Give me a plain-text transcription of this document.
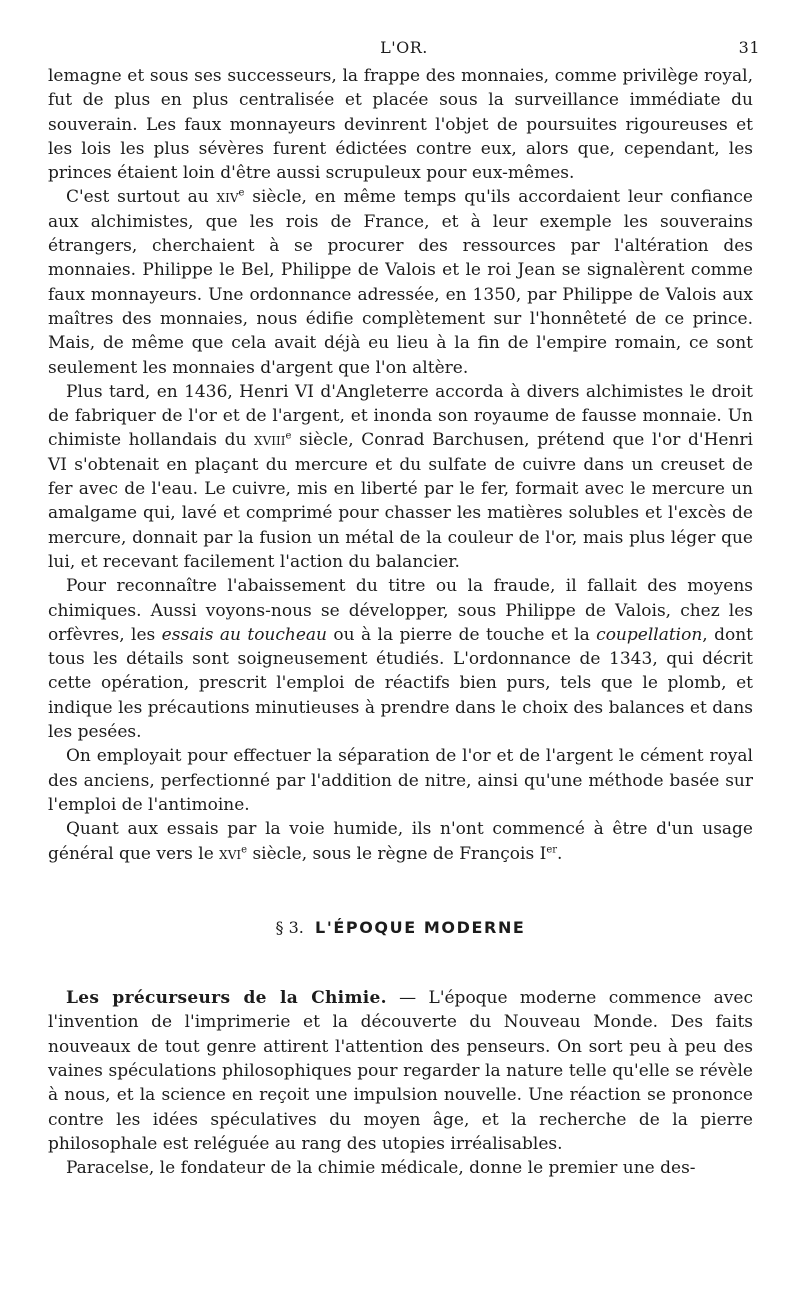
L'OR.	31

lemagne et sous ses successeurs, la frappe des monnaies, comme privilège royal, fut de plus en plus centralisée et placée sous la surveillance immédiate du souverain. Les faux monnayeurs devinrent l'objet de poursuites rigoureuses et les lois les plus sévères furent édictées contre eux, alors que, cependant, les princes étaient loin d'être aussi scrupuleux pour eux-mêmes.

C'est surtout au xiv$^e$ siècle, en même temps qu'ils accordaient leur confiance aux alchimistes, que les rois de France, et à leur exemple les souverains étrangers, cherchaient à se procurer des ressources par l'altération des monnaies. Philippe le Bel, Philippe de Valois et le roi Jean se signalèrent comme faux monnayeurs. Une ordonnance adressée, en 1350, par Philippe de Valois aux maîtres des monnaies, nous édifie complètement sur l'honnêteté de ce prince. Mais, de même que cela avait déjà eu lieu à la fin de l'empire romain, ce sont seulement les monnaies d'argent que l'on altère.

Plus tard, en 1436, Henri VI d'Angleterre accorda à divers alchimistes le droit de fabriquer de l'or et de l'argent, et inonda son royaume de fausse monnaie. Un chimiste hollandais du xviii$^e$ siècle, Conrad Barchusen, prétend que l'or d'Henri VI s'obtenait en plaçant du mercure et du sulfate de cuivre dans un creuset de fer avec de l'eau. Le cuivre, mis en liberté par le fer, formait avec le mercure un amalgame qui, lavé et comprimé pour chasser les matières solubles et l'excès de mercure, donnait par la fusion un métal de la couleur de l'or, mais plus léger que lui, et recevant facilement l'action du balancier.

Pour reconnaître l'abaissement du titre ou la fraude, il fallait des moyens chimiques. Aussi voyons-nous se développer, sous Philippe de Valois, chez les orfèvres, les essais au toucheau ou à la pierre de touche et la coupellation, dont tous les détails sont soigneusement étudiés. L'ordonnance de 1343, qui décrit cette opération, prescrit l'emploi de réactifs bien purs, tels que le plomb, et indique les précautions minutieuses à prendre dans le choix des balances et dans les pesées.

On employait pour effectuer la séparation de l'or et de l'argent le cément royal des anciens, perfectionné par l'addition de nitre, ainsi qu'une méthode basée sur l'emploi de l'antimoine.

Quant aux essais par la voie humide, ils n'ont commencé à être d'un usage général que vers le xvi$^e$ siècle, sous le règne de François Ier.

§ 3. L'ÉPOQUE MODERNE

Les précurseurs de la Chimie. — L'époque moderne commence avec l'invention de l'imprimerie et la découverte du Nouveau Monde. Des faits nouveaux de tout genre attirent l'attention des penseurs. On sort peu à peu des vaines spéculations philosophiques pour regarder la nature telle qu'elle se révèle à nous, et la science en reçoit une impulsion nouvelle. Une réaction se prononce contre les idées spéculatives du moyen âge, et la recherche de la pierre philosophale est reléguée au rang des utopies irréalisables.

Paracelse, le fondateur de la chimie médicale, donne le premier une des-
